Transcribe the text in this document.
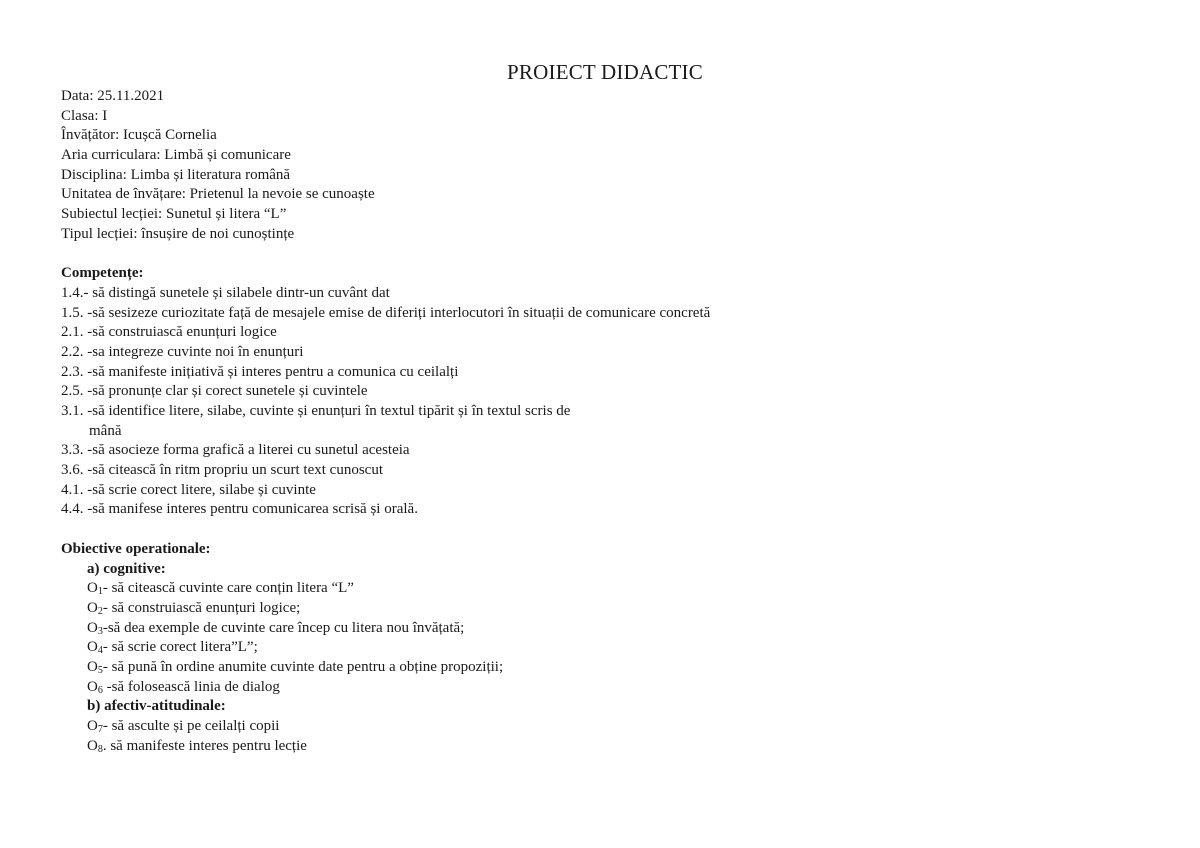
PROIECT DIDACTIC
Data: 25.11.2021
Clasa: I
Învățător: Icușcă Cornelia
Aria curriculara: Limbă și comunicare
Disciplina: Limba și literatura română
Unitatea de învățare: Prietenul la nevoie se cunoaște
Subiectul lecției: Sunetul și litera “L”
Tipul lecției: însușire de noi cunoștințe
Competențe:
1.4.- să distingă sunetele și silabele dintr-un cuvânt dat
1.5. -să sesizeze curiozitate față de mesajele emise de diferiți interlocutori în situații de comunicare concretă
2.1. -să construiască enunțuri logice
2.2. -sa integreze cuvinte noi în enunțuri
2.3. -să manifeste inițiativă și interes pentru a comunica cu ceilalți
2.5. -să pronunțe clar și corect sunetele și cuvintele
3.1. -să identifice litere, silabe, cuvinte și enunțuri în textul tipărit și în textul scris de
mână
3.3. -să asocieze forma grafică a literei cu sunetul acesteia
3.6. -să citească în ritm propriu un scurt text cunoscut
4.1. -să scrie corect litere, silabe și cuvinte
4.4. -să manifese interes pentru comunicarea scrisă și orală.
Obiective operationale:
a) cognitive:
$O_1-$ să citească cuvinte care conțin litera “L”
$O_2-$ să construiască enunțuri logice;
$O_3-să$ dea exemple de cuvinte care încep cu litera nou învățată;
$O_4-$ să scrie corect litera”L”;
$O_5-$ să pună în ordine anumite cuvinte date pentru a obține propoziții;
$O_6$ -să folosească linia de dialog
b) afectiv-atitudinale:
$O_7-$ să asculte și pe ceilalți copii
$O_8$. să manifeste interes pentru lecție
